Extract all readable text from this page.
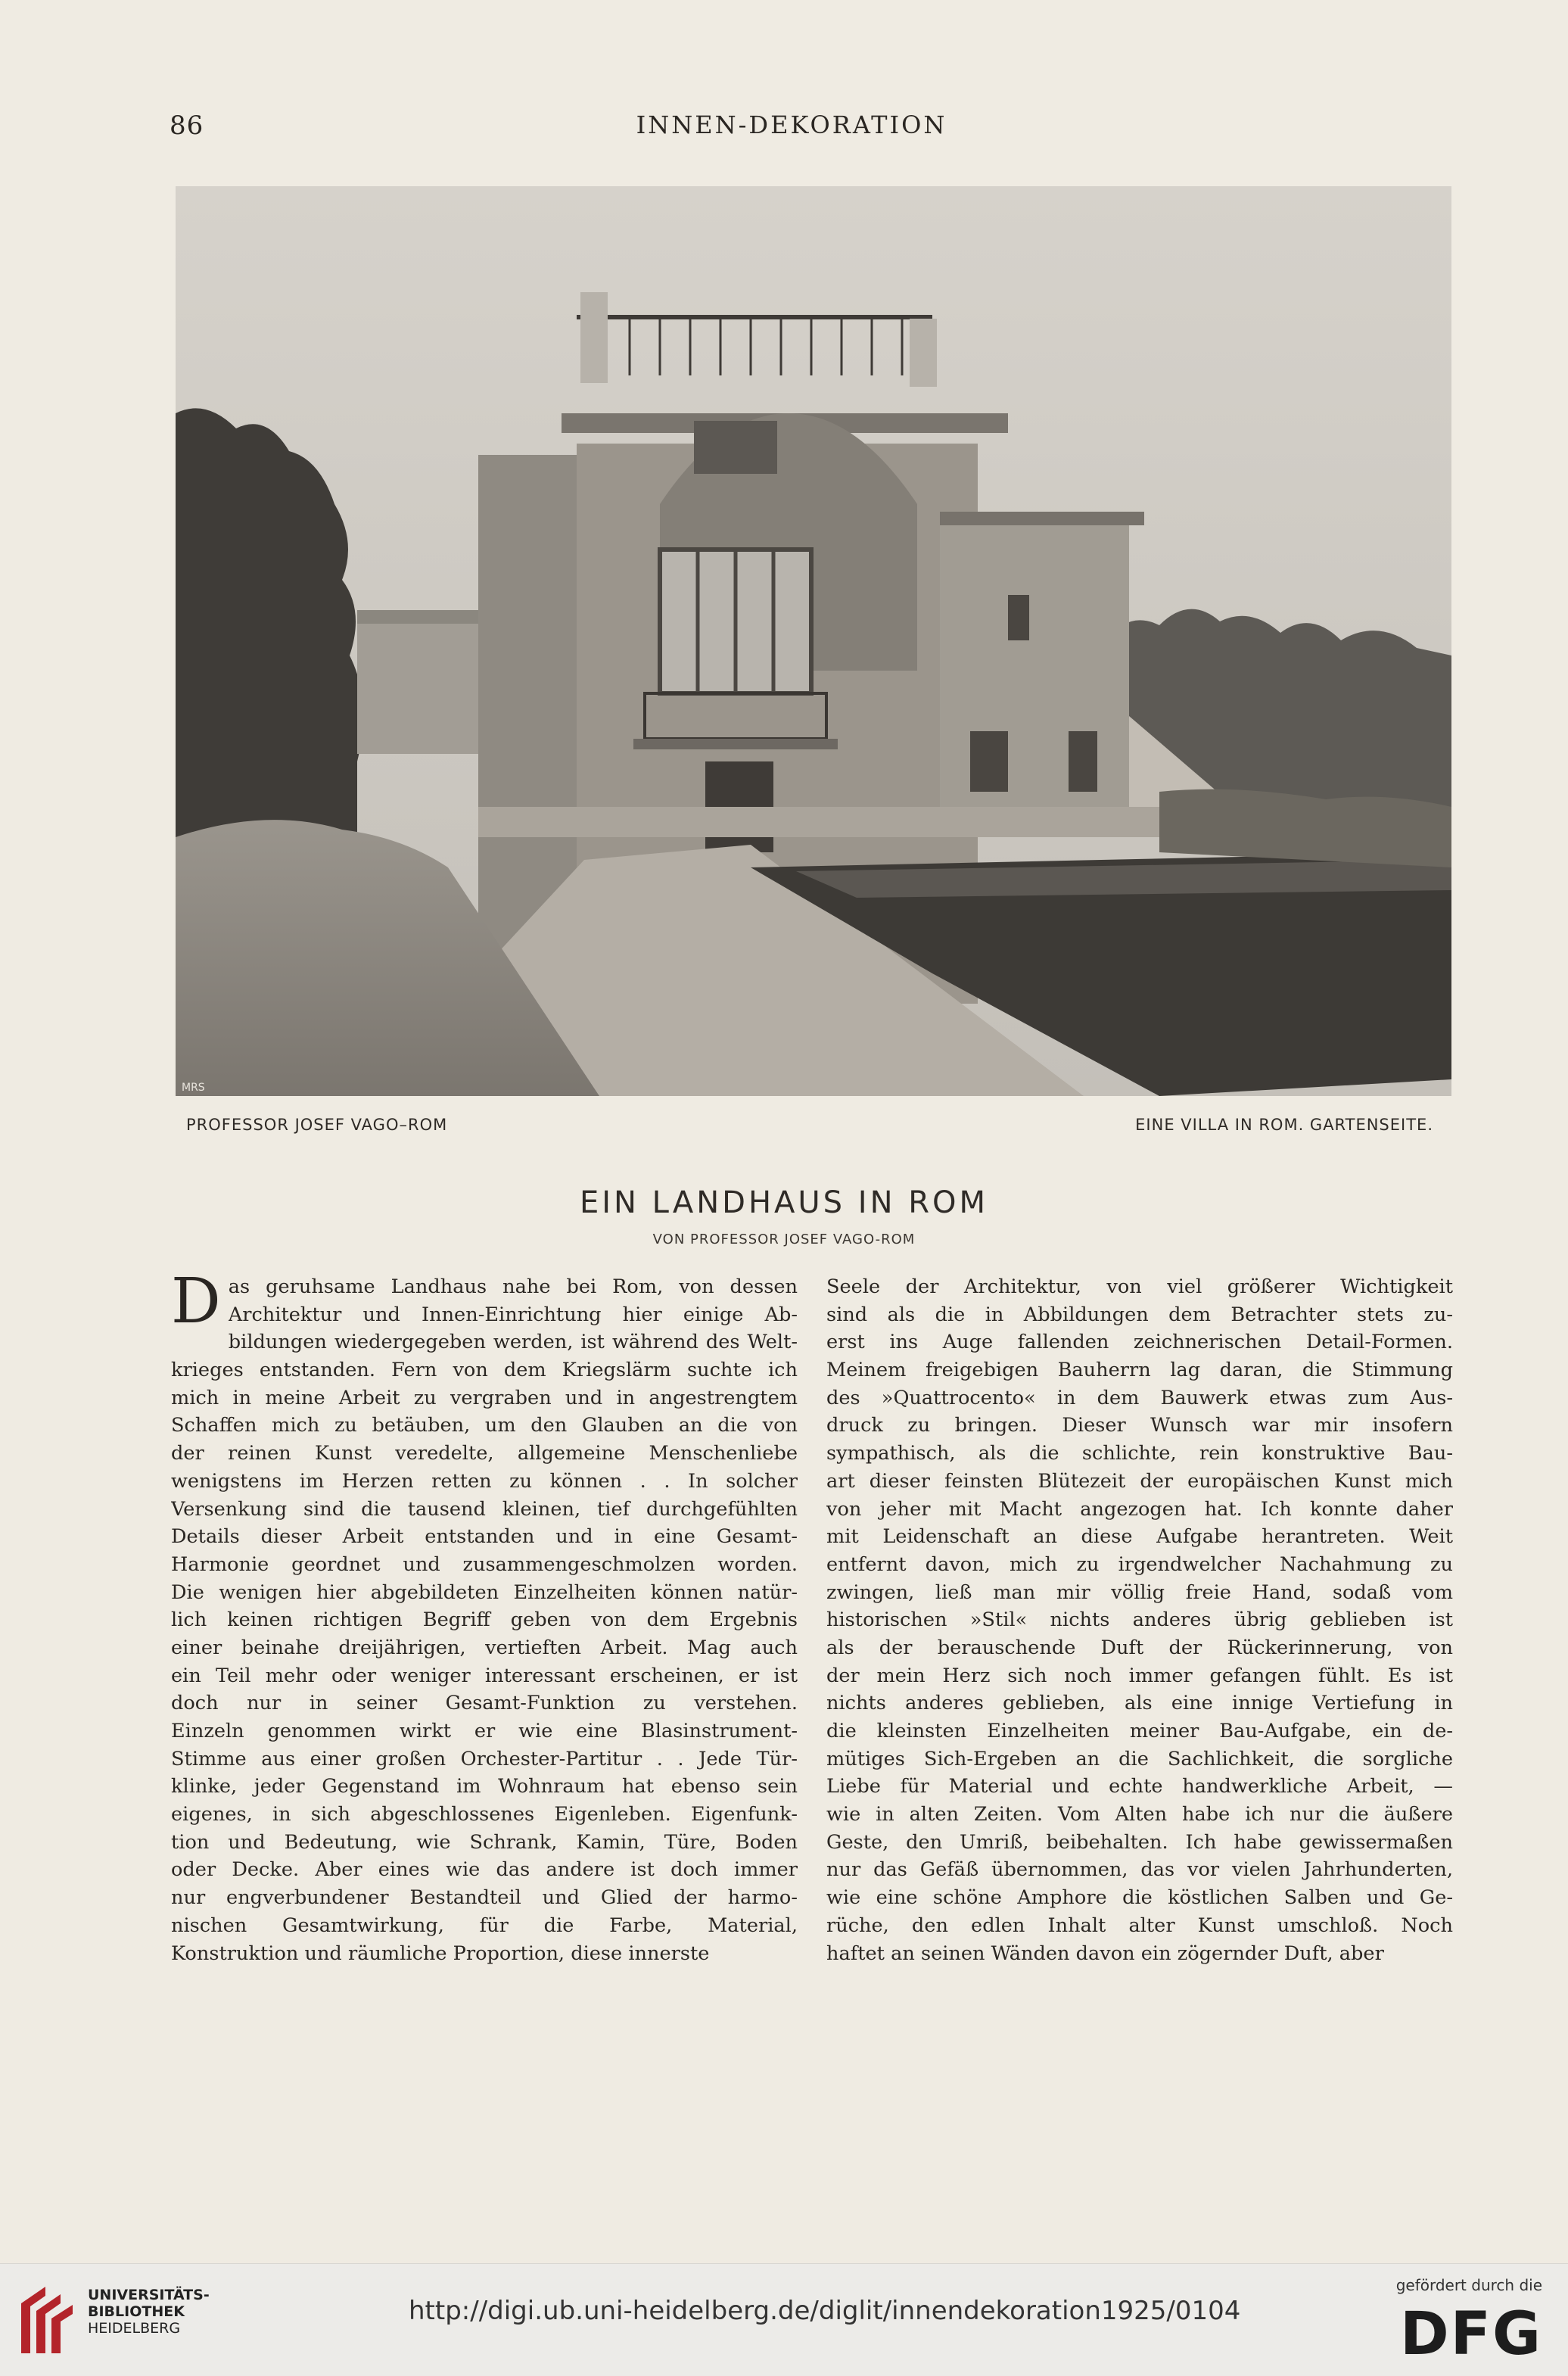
86	INNEN-DEKORATION
MRS
PROFESSOR JOSEF VAGO–ROM	EINE VILLA IN ROM. GARTENSEITE.
EIN LANDHAUS IN ROM
VON PROFESSOR JOSEF VAGO-ROM
D as geruhsame Landhaus nahe bei Rom, von dessen
Architektur und Innen-Einrichtung hier einige Ab-
bildungen wiedergegeben werden, ist während des Welt-
krieges entstanden. Fern von dem Kriegslärm suchte ich
mich in meine Arbeit zu vergraben und in angestrengtem
Schaffen mich zu betäuben, um den Glauben an die von
der reinen Kunst veredelte, allgemeine Menschenliebe
wenigstens im Herzen retten zu können . . In solcher
Versenkung sind die tausend kleinen, tief durchgefühlten
Details dieser Arbeit entstanden und in eine Gesamt-
Harmonie geordnet und zusammengeschmolzen worden.
Die wenigen hier abgebildeten Einzelheiten können natür-
lich keinen richtigen Begriff geben von dem Ergebnis
einer beinahe dreijährigen, vertieften Arbeit. Mag auch
ein Teil mehr oder weniger interessant erscheinen, er ist
doch nur in seiner Gesamt-Funktion zu verstehen.
Einzeln genommen wirkt er wie eine Blasinstrument-
Stimme aus einer großen Orchester-Partitur . . Jede Tür-
klinke, jeder Gegenstand im Wohnraum hat ebenso sein
eigenes, in sich abgeschlossenes Eigenleben. Eigenfunk-
tion und Bedeutung, wie Schrank, Kamin, Türe, Boden
oder Decke. Aber eines wie das andere ist doch immer
nur engverbundener Bestandteil und Glied der harmo-
nischen Gesamtwirkung, für die Farbe, Material,
Konstruktion und räumliche Proportion, diese innerste
Seele der Architektur, von viel größerer Wichtigkeit
sind als die in Abbildungen dem Betrachter stets zu-
erst ins Auge fallenden zeichnerischen Detail-Formen.
Meinem freigebigen Bauherrn lag daran, die Stimmung
des »Quattrocento« in dem Bauwerk etwas zum Aus-
druck zu bringen. Dieser Wunsch war mir insofern
sympathisch, als die schlichte, rein konstruktive Bau-
art dieser feinsten Blütezeit der europäischen Kunst mich
von jeher mit Macht angezogen hat. Ich konnte daher
mit Leidenschaft an diese Aufgabe herantreten. Weit
entfernt davon, mich zu irgendwelcher Nachahmung zu
zwingen, ließ man mir völlig freie Hand, sodaß vom
historischen »Stil« nichts anderes übrig geblieben ist
als der berauschende Duft der Rückerinnerung, von
der mein Herz sich noch immer gefangen fühlt. Es ist
nichts anderes geblieben, als eine innige Vertiefung in
die kleinsten Einzelheiten meiner Bau-Aufgabe, ein de-
mütiges Sich-Ergeben an die Sachlichkeit, die sorgliche
Liebe für Material und echte handwerkliche Arbeit, —
wie in alten Zeiten. Vom Alten habe ich nur die äußere
Geste, den Umriß, beibehalten. Ich habe gewissermaßen
nur das Gefäß übernommen, das vor vielen Jahrhunderten,
wie eine schöne Amphore die köstlichen Salben und Ge-
rüche, den edlen Inhalt alter Kunst umschloß. Noch
haftet an seinen Wänden davon ein zögernder Duft, aber
UNIVERSITÄTS-
BIBLIOTHEK
HEIDELBERG
http://digi.ub.uni-heidelberg.de/diglit/innendekoration1925/0104
gefördert durch die
DFG
